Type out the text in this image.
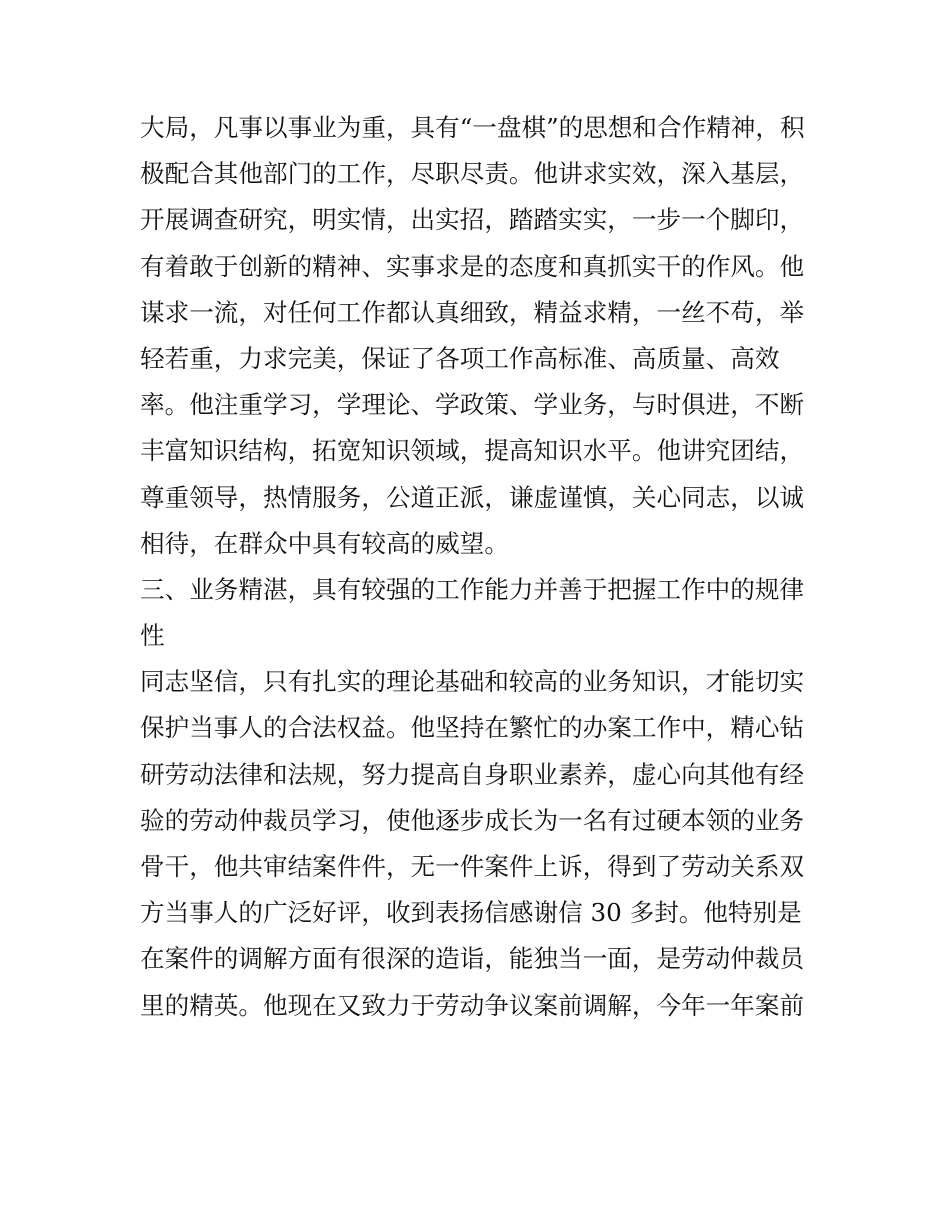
大局，凡事以事业为重，具有“一盘棋”的思想和合作精神，积
极配合其他部门的工作，尽职尽责。他讲求实效，深入基层，
开展调查研究，明实情，出实招，踏踏实实，一步一个脚印，
有着敢于创新的精神、实事求是的态度和真抓实干的作风。他
谋求一流，对任何工作都认真细致，精益求精，一丝不苟，举
轻若重，力求完美，保证了各项工作高标准、高质量、高效
率。他注重学习，学理论、学政策、学业务，与时俱进，不断
丰富知识结构，拓宽知识领域，提高知识水平。他讲究团结，
尊重领导，热情服务，公道正派，谦虚谨慎，关心同志，以诚
相待，在群众中具有较高的威望。
三、业务精湛，具有较强的工作能力并善于把握工作中的规律
性
同志坚信，只有扎实的理论基础和较高的业务知识，才能切实
保护当事人的合法权益。他坚持在繁忙的办案工作中，精心钻
研劳动法律和法规，努力提高自身职业素养，虚心向其他有经
验的劳动仲裁员学习，使他逐步成长为一名有过硬本领的业务
骨干，他共审结案件件，无一件案件上诉，得到了劳动关系双
方当事人的广泛好评，收到表扬信感谢信 30 多封。他特别是
在案件的调解方面有很深的造诣，能独当一面，是劳动仲裁员
里的精英。他现在又致力于劳动争议案前调解，今年一年案前
